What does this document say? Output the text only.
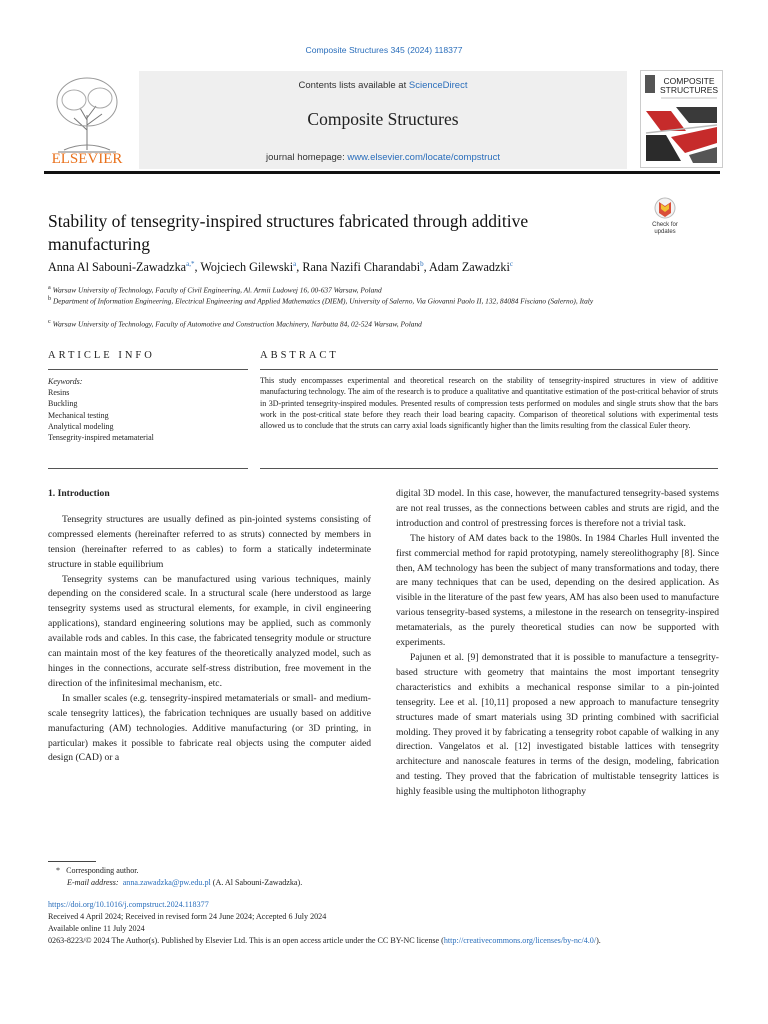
Composite Structures 345 (2024) 118377
ELSEVIER
Contents lists available at ScienceDirect
Composite Structures
journal homepage: www.elsevier.com/locate/compstruct
COMPOSITE
STRUCTURES
Stability of tensegrity-inspired structures fabricated through additive manufacturing
Check for
updates
Anna Al Sabouni-Zawadzka$^{a,*}$, Wojciech Gilewski$^a$, Rana Nazifi Charandabi$^b$, Adam Zawadzki$^c$
$^a$ Warsaw University of Technology, Faculty of Civil Engineering, Al. Armii Ludowej 16, 00-637 Warsaw, Poland
$^b$ Department of Information Engineering, Electrical Engineering and Applied Mathematics (DIEM), University of Salerno, Via Giovanni Paolo II, 132, 84084 Fisciano (Salerno), Italy
$^c$ Warsaw University of Technology, Faculty of Automotive and Construction Machinery, Narbutta 84, 02-524 Warsaw, Poland
ARTICLE INFO	ABSTRACT
Keywords:
Resins
Buckling
Mechanical testing
Analytical modeling
Tensegrity-inspired metamaterial
This study encompasses experimental and theoretical research on the stability of tensegrity-inspired structures in view of additive manufacturing technology. The aim of the research is to produce a qualitative and quantitative estimation of the post-critical behavior of struts in 3D-printed tensegrity-inspired modules. Presented results of compression tests performed on modules and single struts show that the bars work in the post-critical state before they reach their load bearing capacity. Comparison of theoretical solutions with experimental tests allowed us to conclude that the struts can carry axial loads significantly higher than the limits resulting from the classical Euler theory.

1. Introduction

Tensegrity structures are usually defined as pin-jointed systems consisting of compressed elements (hereinafter referred to as struts) connected by members in tension (hereinafter referred to as cables) to form a statically indeterminate structure in stable equilibrium

Tensegrity systems can be manufactured using various techniques, mainly depending on the considered scale. In a structural scale (here understood as large tensegrity systems used as structural elements, for example, in civil engineering applications), standard engineering solutions may be applied, such as commonly available rods and cables. In this case, the fabricated tensegrity module or structure can maintain most of the key features of the theoretically analyzed model, such as hinges in the connections, accurate self-stress distribution, free movement in the direction of the infinitesimal mechanism, etc.

In smaller scales (e.g. tensegrity-inspired metamaterials or small- and medium-scale tensegrity lattices), the fabrication techniques are usually based on additive manufacturing (AM) technologies. Additive manufacturing (or 3D printing, in particular) makes it possible to fabricate real objects using the computer aided design (CAD) or a

digital 3D model. In this case, however, the manufactured tensegrity-based systems are not real trusses, as the connections between cables and struts are rigid, and the introduction and control of prestressing forces is therefore not a trivial task.

The history of AM dates back to the 1980s. In 1984 Charles Hull invented the first commercial method for rapid prototyping, namely stereolithography [8]. Since then, AM technology has been the subject of many transformations and today, there are many techniques that can be used, depending on the desired application. As visible in the literature of the past few years, AM has also been used to manufacture various tensegrity-based systems, a milestone in the research on tensegrity-inspired metamaterials, as the purely theoretical studies can now be supported with experiments.

Pajunen et al. [9] demonstrated that it is possible to manufacture a tensegrity-based structure with geometry that maintains the most important tensegrity characteristics and exhibits a mechanical response similar to a pin-jointed tensegrity. Lee et al. [10,11] proposed a new approach to manufacture tensegrity structures made of smart materials using 3D printing combined with sacrificial molding. They proved it by fabricating a tensegrity robot capable of walking in any direction. Vangelatos et al. [12] investigated bistable lattices with tensegrity architecture and nanoscale features in terms of the design, modeling, fabrication and testing. They proved that the fabrication of multistable tensegrity lattices is highly feasible using the multiphoton lithography

*   Corresponding author.
E-mail address: anna.zawadzka@pw.edu.pl (A. Al Sabouni-Zawadzka).
https://doi.org/10.1016/j.compstruct.2024.118377
Received 4 April 2024; Received in revised form 24 June 2024; Accepted 6 July 2024
Available online 11 July 2024
0263-8223/© 2024 The Author(s). Published by Elsevier Ltd. This is an open access article under the CC BY-NC license (http://creativecommons.org/licenses/by-nc/4.0/).
